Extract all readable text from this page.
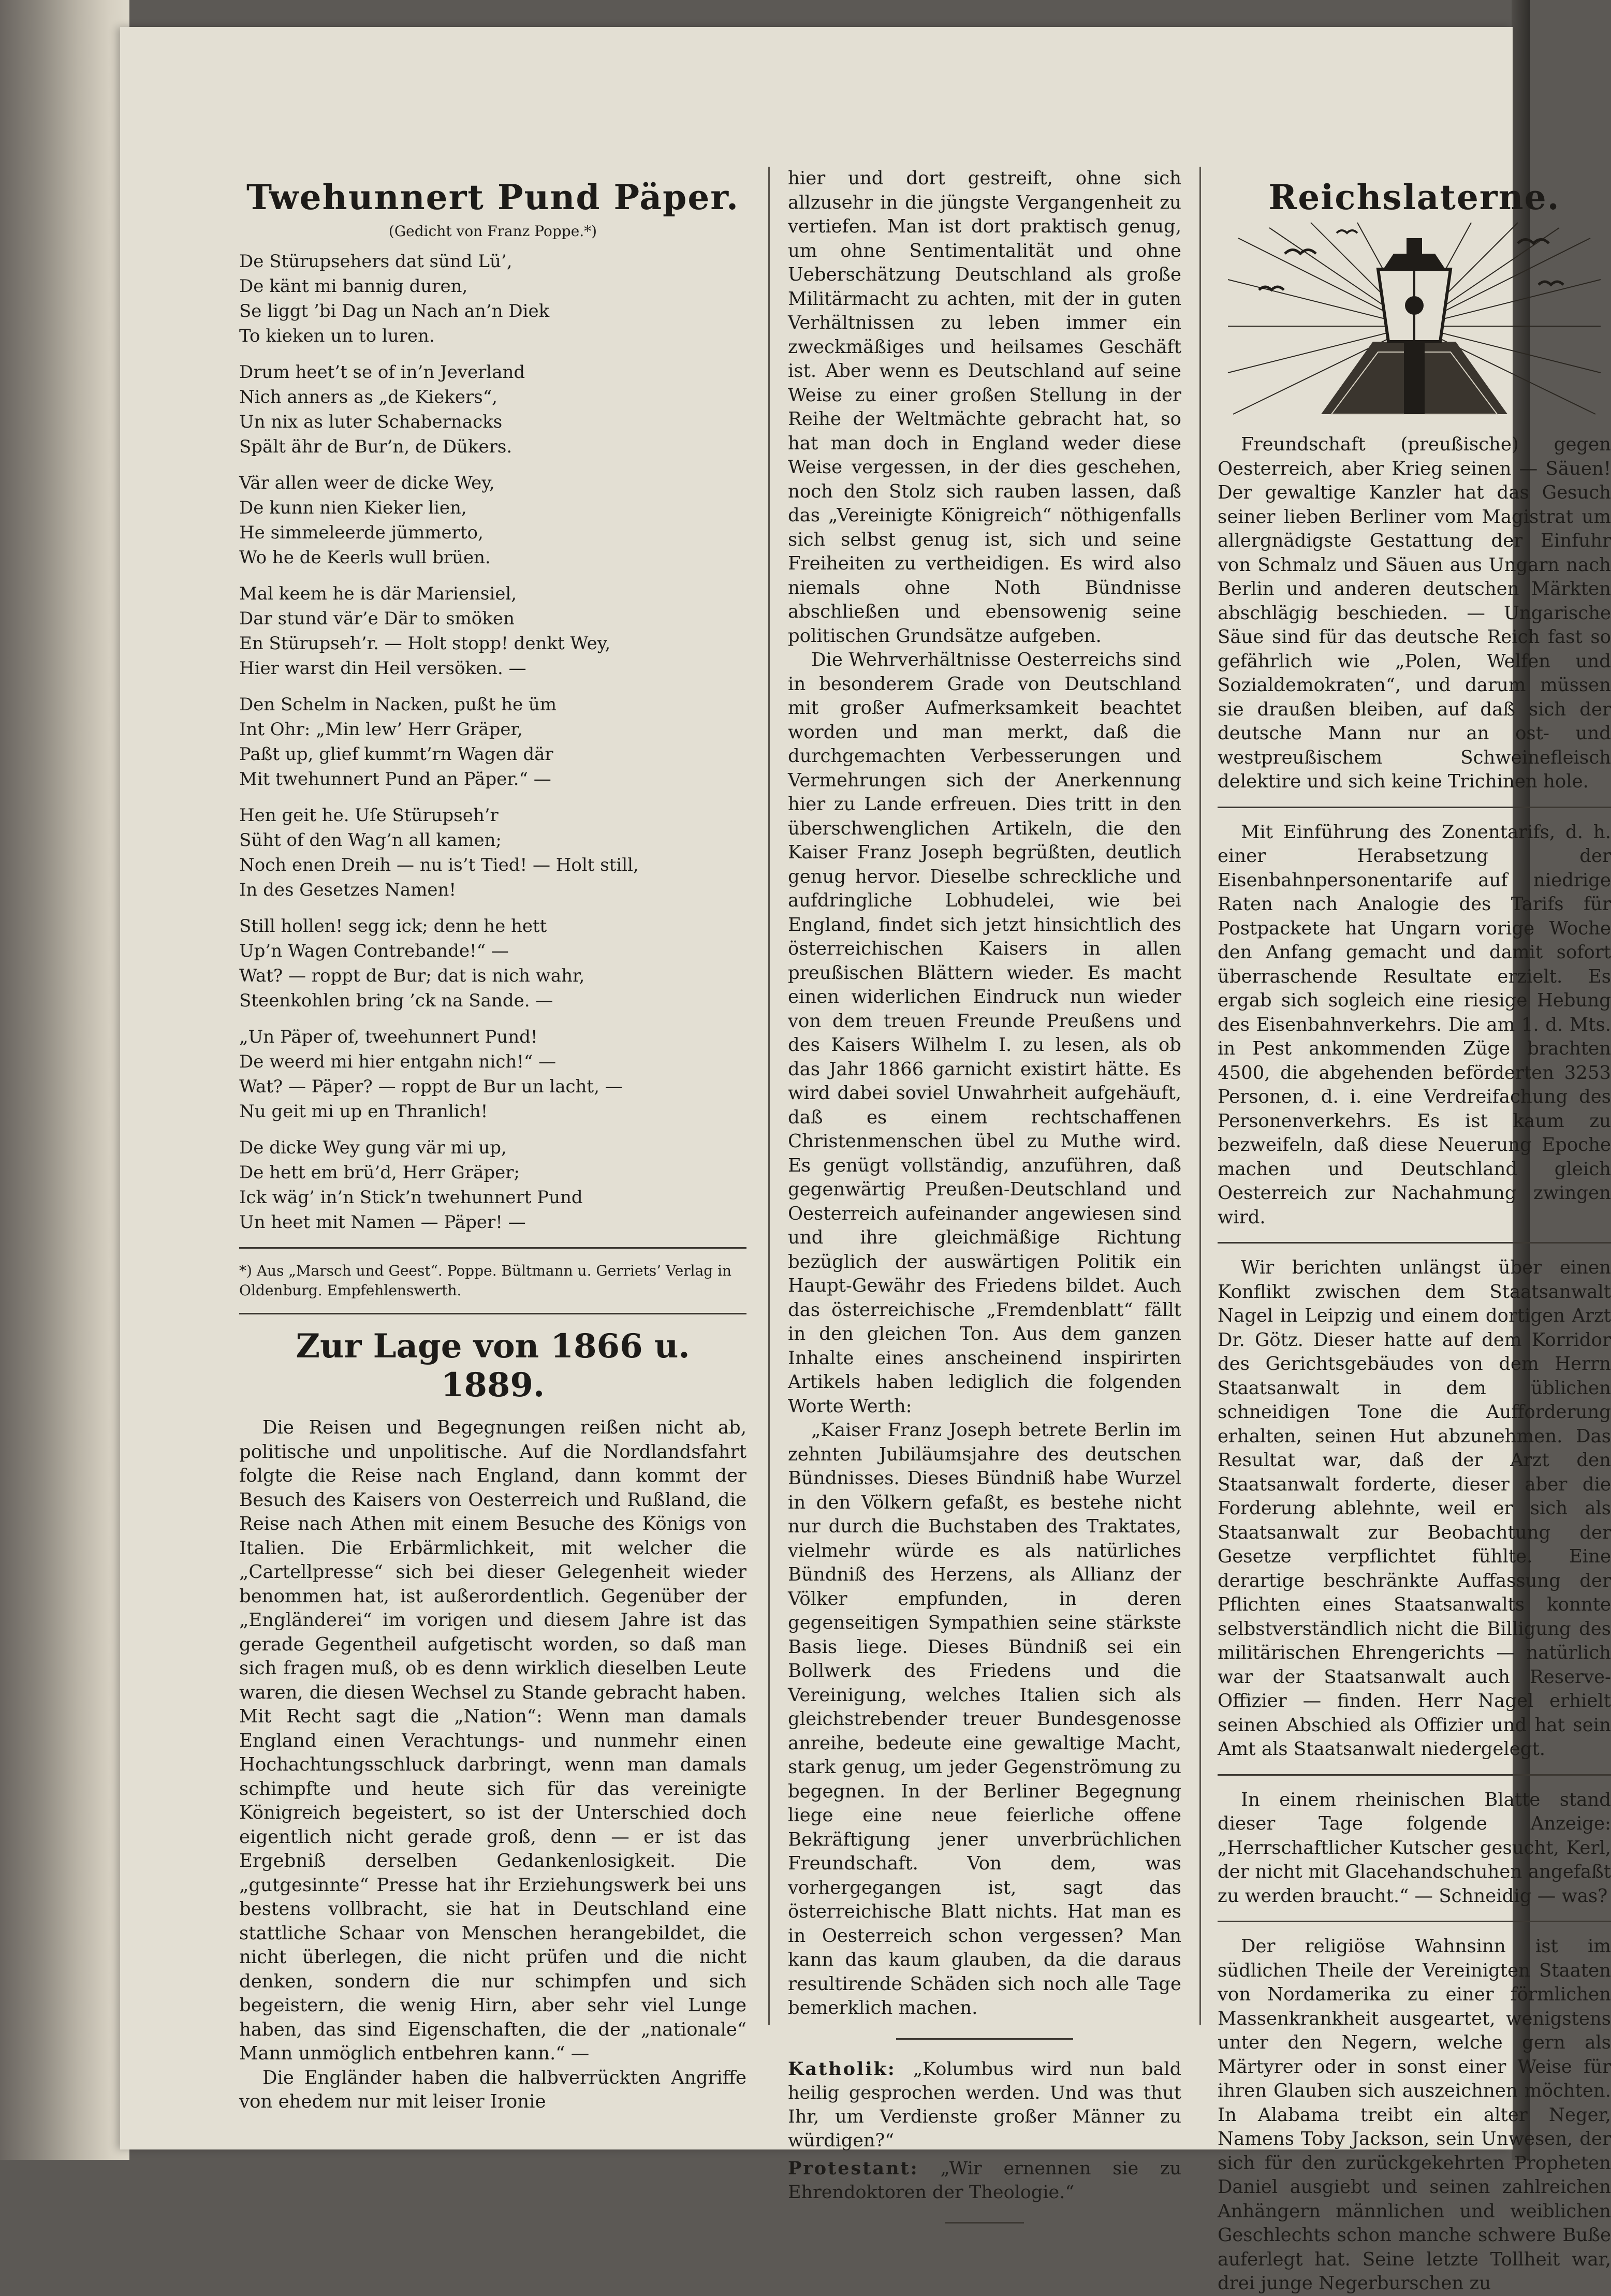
Twehunnert Pund Päper.
(Gedicht von Franz Poppe.*)
De Stürupsehers dat sünd Lü’,
De känt mi bannig duren,
Se liggt ’bi Dag un Nach an’n Diek
To kieken un to luren.
Drum heet’t se of in’n Jeverland
Nich anners as „de Kiekers“,
Un nix as luter Schabernacks
Spält ähr de Bur’n, de Dükers.
Vär allen weer de dicke Wey,
De kunn nien Kieker lien,
He simmeleerde jümmerto,
Wo he de Keerls wull brüen.
Mal keem he is där Mariensiel,
Dar stund vär’e Där to smöken
En Stürupseh’r. — Holt stopp! denkt Wey,
Hier warst din Heil versöken. —
Den Schelm in Nacken, pußt he üm
Int Ohr: „Min lew’ Herr Gräper,
Paßt up, glief kummt’rn Wagen där
Mit twehunnert Pund an Päper.“ —
Hen geit he. Uſe Stürupseh’r
Süht of den Wag’n all kamen;
Noch enen Dreih — nu is’t Tied! — Holt still,
In des Gesetzes Namen!
Still hollen! segg ick; denn he hett
Up’n Wagen Contrebande!“ —
Wat? — roppt de Bur; dat is nich wahr,
Steenkohlen bring ’ck na Sande. —
„Un Päper of, tweehunnert Pund!
De weerd mi hier entgahn nich!“ —
Wat? — Päper? — roppt de Bur un lacht, —
Nu geit mi up en Thranlich!
De dicke Wey gung vär mi up,
De hett em brü’d, Herr Gräper;
Ick wäg’ in’n Stick’n twehunnert Pund
Un heet mit Namen — Päper! —
*) Aus „Marsch und Geest“. Poppe. Bültmann u. Gerriets’ Verlag in Oldenburg. Empfehlenswerth.
Zur Lage von 1866 u. 1889.

Die Reisen und Begegnungen reißen nicht ab, politische und unpolitische. Auf die Nordlandsfahrt folgte die Reise nach England, dann kommt der Besuch des Kaisers von Oesterreich und Rußland, die Reise nach Athen mit einem Besuche des Königs von Italien. Die Erbärmlichkeit, mit welcher die „Cartellpresse“ sich bei dieser Gelegenheit wieder benommen hat, ist außerordentlich. Gegenüber der „Engländerei“ im vorigen und diesem Jahre ist das gerade Gegentheil aufgetischt worden, so daß man sich fragen muß, ob es denn wirklich dieselben Leute waren, die diesen Wechsel zu Stande gebracht haben. Mit Recht sagt die „Nation“: Wenn man damals England einen Verachtungs- und nunmehr einen Hochachtungsschluck darbringt, wenn man damals schimpfte und heute sich für das vereinigte Königreich begeistert, so ist der Unterschied doch eigentlich nicht gerade groß, denn — er ist das Ergebniß derselben Gedankenlosigkeit. Die „gutgesinnte“ Presse hat ihr Erziehungswerk bei uns bestens vollbracht, sie hat in Deutschland eine stattliche Schaar von Menschen herangebildet, die nicht überlegen, die nicht prüfen und die nicht denken, sondern die nur schimpfen und sich begeistern, die wenig Hirn, aber sehr viel Lunge haben, das sind Eigenschaften, die der „nationale“ Mann unmöglich entbehren kann.“ —

Die Engländer haben die halbverrückten Angriffe von ehedem nur mit leiser Ironie

hier und dort gestreift, ohne sich allzusehr in die jüngste Vergangenheit zu vertiefen. Man ist dort praktisch genug, um ohne Sentimentalität und ohne Ueberschätzung Deutschland als große Militärmacht zu achten, mit der in guten Verhältnissen zu leben immer ein zweckmäßiges und heilsames Geschäft ist. Aber wenn es Deutschland auf seine Weise zu einer großen Stellung in der Reihe der Weltmächte gebracht hat, so hat man doch in England weder diese Weise vergessen, in der dies geschehen, noch den Stolz sich rauben lassen, daß das „Vereinigte Königreich“ nöthigenfalls sich selbst genug ist, sich und seine Freiheiten zu vertheidigen. Es wird also niemals ohne Noth Bündnisse abschließen und ebensowenig seine politischen Grundsätze aufgeben.

Die Wehrverhältnisse Oesterreichs sind in besonderem Grade von Deutschland mit großer Aufmerksamkeit beachtet worden und man merkt, daß die durchgemachten Verbesserungen und Vermehrungen sich der Anerkennung hier zu Lande erfreuen. Dies tritt in den überschwenglichen Artikeln, die den Kaiser Franz Joseph begrüßten, deutlich genug hervor. Dieselbe schreckliche und aufdringliche Lobhudelei, wie bei England, findet sich jetzt hinsichtlich des österreichischen Kaisers in allen preußischen Blättern wieder. Es macht einen widerlichen Eindruck nun wieder von dem treuen Freunde Preußens und des Kaisers Wilhelm I. zu lesen, als ob das Jahr 1866 garnicht existirt hätte. Es wird dabei soviel Unwahrheit aufgehäuft, daß es einem rechtschaffenen Christenmenschen übel zu Muthe wird. Es genügt vollständig, anzuführen, daß gegenwärtig Preußen-Deutschland und Oesterreich aufeinander angewiesen sind und ihre gleichmäßige Richtung bezüglich der auswärtigen Politik ein Haupt-Gewähr des Friedens bildet. Auch das österreichische „Fremdenblatt“ fällt in den gleichen Ton. Aus dem ganzen Inhalte eines anscheinend inspirirten Artikels haben lediglich die folgenden Worte Werth:

„Kaiser Franz Joseph betrete Berlin im zehnten Jubiläumsjahre des deutschen Bündnisses. Dieses Bündniß habe Wurzel in den Völkern gefaßt, es bestehe nicht nur durch die Buchstaben des Traktates, vielmehr würde es als natürliches Bündniß des Herzens, als Allianz der Völker empfunden, in deren gegenseitigen Sympathien seine stärkste Basis liege. Dieses Bündniß sei ein Bollwerk des Friedens und die Vereinigung, welches Italien sich als gleichstrebender treuer Bundesgenosse anreihe, bedeute eine gewaltige Macht, stark genug, um jeder Gegenströmung zu begegnen. In der Berliner Begegnung liege eine neue feierliche offene Bekräftigung jener unverbrüchlichen Freundschaft. Von dem, was vorhergegangen ist, sagt das österreichische Blatt nichts. Hat man es in Oesterreich schon vergessen? Man kann das kaum glauben, da die daraus resultirende Schäden sich noch alle Tage bemerklich machen.

Katholik: „Kolumbus wird nun bald heilig gesprochen werden. Und was thut Ihr, um Verdienste großer Männer zu würdigen?“

Protestant: „Wir ernennen sie zu Ehrendoktoren der Theologie.“

Reichslaterne.

Freundschaft (preußische) gegen Oesterreich, aber Krieg seinen — Säuen! Der gewaltige Kanzler hat das Gesuch seiner lieben Berliner vom Magistrat um allergnädigste Gestattung der Einfuhr von Schmalz und Säuen aus Ungarn nach Berlin und anderen deutschen Märkten abschlägig beschieden. — Ungarische Säue sind für das deutsche Reich fast so gefährlich wie „Polen, Welfen und Sozialdemokraten“, und darum müssen sie draußen bleiben, auf daß sich der deutsche Mann nur an ost- und westpreußischem Schweinefleisch delektire und sich keine Trichinen hole.

Mit Einführung des Zonentarifs, d. h. einer Herabsetzung der Eisenbahnpersonentarife auf niedrige Raten nach Analogie des Tarifs für Postpackete hat Ungarn vorige Woche den Anfang gemacht und damit sofort überraschende Resultate erzielt. Es ergab sich sogleich eine riesige Hebung des Eisenbahnverkehrs. Die am 1. d. Mts. in Pest ankommenden Züge brachten 4500, die abgehenden beförderten 3253 Personen, d. i. eine Verdreifachung des Personenverkehrs. Es ist kaum zu bezweifeln, daß diese Neuerung Epoche machen und Deutschland gleich Oesterreich zur Nachahmung zwingen wird.

Wir berichten unlängst über einen Konflikt zwischen dem Staatsanwalt Nagel in Leipzig und einem dortigen Arzt Dr. Götz. Dieser hatte auf dem Korridor des Gerichtsgebäudes von dem Herrn Staatsanwalt in dem üblichen schneidigen Tone die Aufforderung erhalten, seinen Hut abzunehmen. Das Resultat war, daß der Arzt den Staatsanwalt forderte, dieser aber die Forderung ablehnte, weil er sich als Staatsanwalt zur Beobachtung der Gesetze verpflichtet fühlte. Eine derartige beschränkte Auffassung der Pflichten eines Staatsanwalts konnte selbstverständlich nicht die Billigung des militärischen Ehrengerichts — natürlich war der Staatsanwalt auch Reserve-Offizier — finden. Herr Nagel erhielt seinen Abschied als Offizier und hat sein Amt als Staatsanwalt niedergelegt.

In einem rheinischen Blatte stand dieser Tage folgende Anzeige: „Herrschaftlicher Kutscher gesucht, Kerl, der nicht mit Glacehandschuhen angefaßt zu werden braucht.“ — Schneidig — was?

Der religiöse Wahnsinn ist im südlichen Theile der Vereinigten Staaten von Nordamerika zu einer förmlichen Massenkrankheit ausgeartet, wenigstens unter den Negern, welche gern als Märtyrer oder in sonst einer Weise für ihren Glauben sich auszeichnen möchten. In Alabama treibt ein alter Neger, Namens Toby Jackson, sein Unwesen, der sich für den zurückgekehrten Propheten Daniel ausgiebt und seinen zahlreichen Anhängern männlichen und weiblichen Geschlechts schon manche schwere Buße auferlegt hat. Seine letzte Tollheit war, drei junge Negerburschen zu
